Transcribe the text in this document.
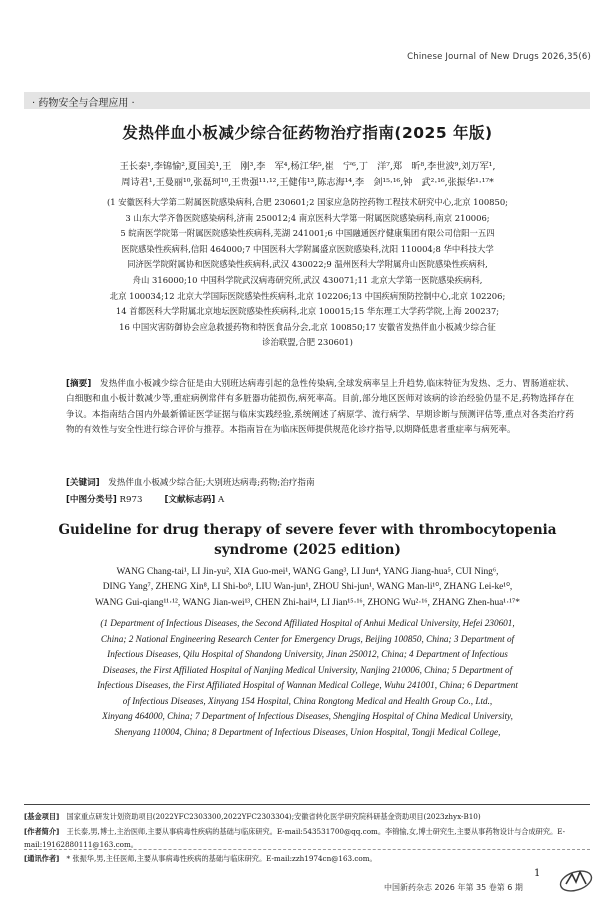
Chinese Journal of New Drugs 2026,35(6)
· 药物安全与合理应用 ·
发热伴血小板减少综合征药物治疗指南(2025 年版)
王长泰¹,李锦愉²,夏国美¹,王　刚³,李　军⁴,杨江华⁵,崔　宁⁶,丁　洋⁷,郑　昕⁸,李世波⁹,刘万军¹,
周诗君¹,王曼丽¹⁰,张磊珂¹⁰,王贵强¹¹·¹²,王健伟¹³,陈志海¹⁴,李　剑¹⁵·¹⁶,钟　武²·¹⁶,张振华¹·¹⁷*
(1 安徽医科大学第二附属医院感染病科,合肥 230601;2 国家应急防控药物工程技术研究中心,北京 100850;
3 山东大学齐鲁医院感染病科,济南 250012;4 南京医科大学第一附属医院感染病科,南京 210006;
5 皖南医学院第一附属医院感染性疾病科,芜湖 241001;6 中国融通医疗健康集团有限公司信阳一五四
医院感染性疾病科,信阳 464000;7 中国医科大学附属盛京医院感染科,沈阳 110004;8 华中科技大学
同济医学院附属协和医院感染性疾病科,武汉 430022;9 温州医科大学附属舟山医院感染性疾病科,
舟山 316000;10 中国科学院武汉病毒研究所,武汉 430071;11 北京大学第一医院感染疾病科,
北京 100034;12 北京大学国际医院感染性疾病科,北京 102206;13 中国疾病预防控制中心,北京 102206;
14 首都医科大学附属北京地坛医院感染性疾病科,北京 100015;15 华东理工大学药学院,上海 200237;
16 中国灾害防御协会应急救援药物和特医食品分会,北京 100850;17 安徽省发热伴血小板减少综合征
诊治联盟,合肥 230601)
[摘要]　发热伴血小板减少综合征是由大别班达病毒引起的急性传染病,全球发病率呈上升趋势,临床特征为发热、乏力、胃肠道症状、白细胞和血小板计数减少等,重症病例常伴有多脏器功能损伤,病死率高。目前,部分地区医师对该病的诊治经验仍显不足,药物选择存在争议。本指南结合国内外最新循证医学证据与临床实践经验,系统阐述了病原学、流行病学、早期诊断与预测评估等,重点对各类治疗药物的有效性与安全性进行综合评价与推荐。本指南旨在为临床医师提供规范化诊疗指导,以期降低患者重症率与病死率。
[关键词]　发热伴血小板减少综合征;大别班达病毒;药物;治疗指南
[中图分类号] R973	[文献标志码] A
Guideline for drug therapy of severe fever with thrombocytopenia
syndrome (2025 edition)
WANG Chang-tai¹, LI Jin-yu², XIA Guo-mei¹, WANG Gang³, LI Jun⁴, YANG Jiang-hua⁵, CUI Ning⁶,
DING Yang⁷, ZHENG Xin⁸, LI Shi-bo⁹, LIU Wan-jun¹, ZHOU Shi-jun¹, WANG Man-li¹⁰, ZHANG Lei-ke¹⁰,
WANG Gui-qiang¹¹·¹², WANG Jian-wei¹³, CHEN Zhi-hai¹⁴, LI Jian¹⁵·¹⁶, ZHONG Wu²·¹⁶, ZHANG Zhen-hua¹·¹⁷*
(1 Department of Infectious Diseases, the Second Affiliated Hospital of Anhui Medical University, Hefei 230601,
China; 2 National Engineering Research Center for Emergency Drugs, Beijing 100850, China; 3 Department of
Infectious Diseases, Qilu Hospital of Shandong University, Jinan 250012, China; 4 Department of Infectious
Diseases, the First Affiliated Hospital of Nanjing Medical University, Nanjing 210006, China; 5 Department of
Infectious Diseases, the First Affiliated Hospital of Wannan Medical College, Wuhu 241001, China; 6 Department
of Infectious Diseases, Xinyang 154 Hospital, China Rongtong Medical and Health Group Co., Ltd.,
Xinyang 464000, China; 7 Department of Infectious Diseases, Shengjing Hospital of China Medical University,
Shenyang 110004, China; 8 Department of Infectious Diseases, Union Hospital, Tongji Medical College,
[基金项目]　国家重点研发计划资助项目(2022YFC2303300,2022YFC2303304);安徽省转化医学研究院科研基金资助项目(2023zhyx-B10)
[作者简介]　王长泰,男,博士,主治医师,主要从事病毒性疾病的基础与临床研究。E-mail:543531700@qq.com。李锦愉,女,博士研究生,主要从事药物设计与合成研究。E-mail:19162880111@163.com。
[通讯作者]　* 张振华,男,主任医师,主要从事病毒性疾病的基础与临床研究。E-mail:zzh1974cn@163.com。
1
中国新药杂志 2026 年第 35 卷第 6 期
